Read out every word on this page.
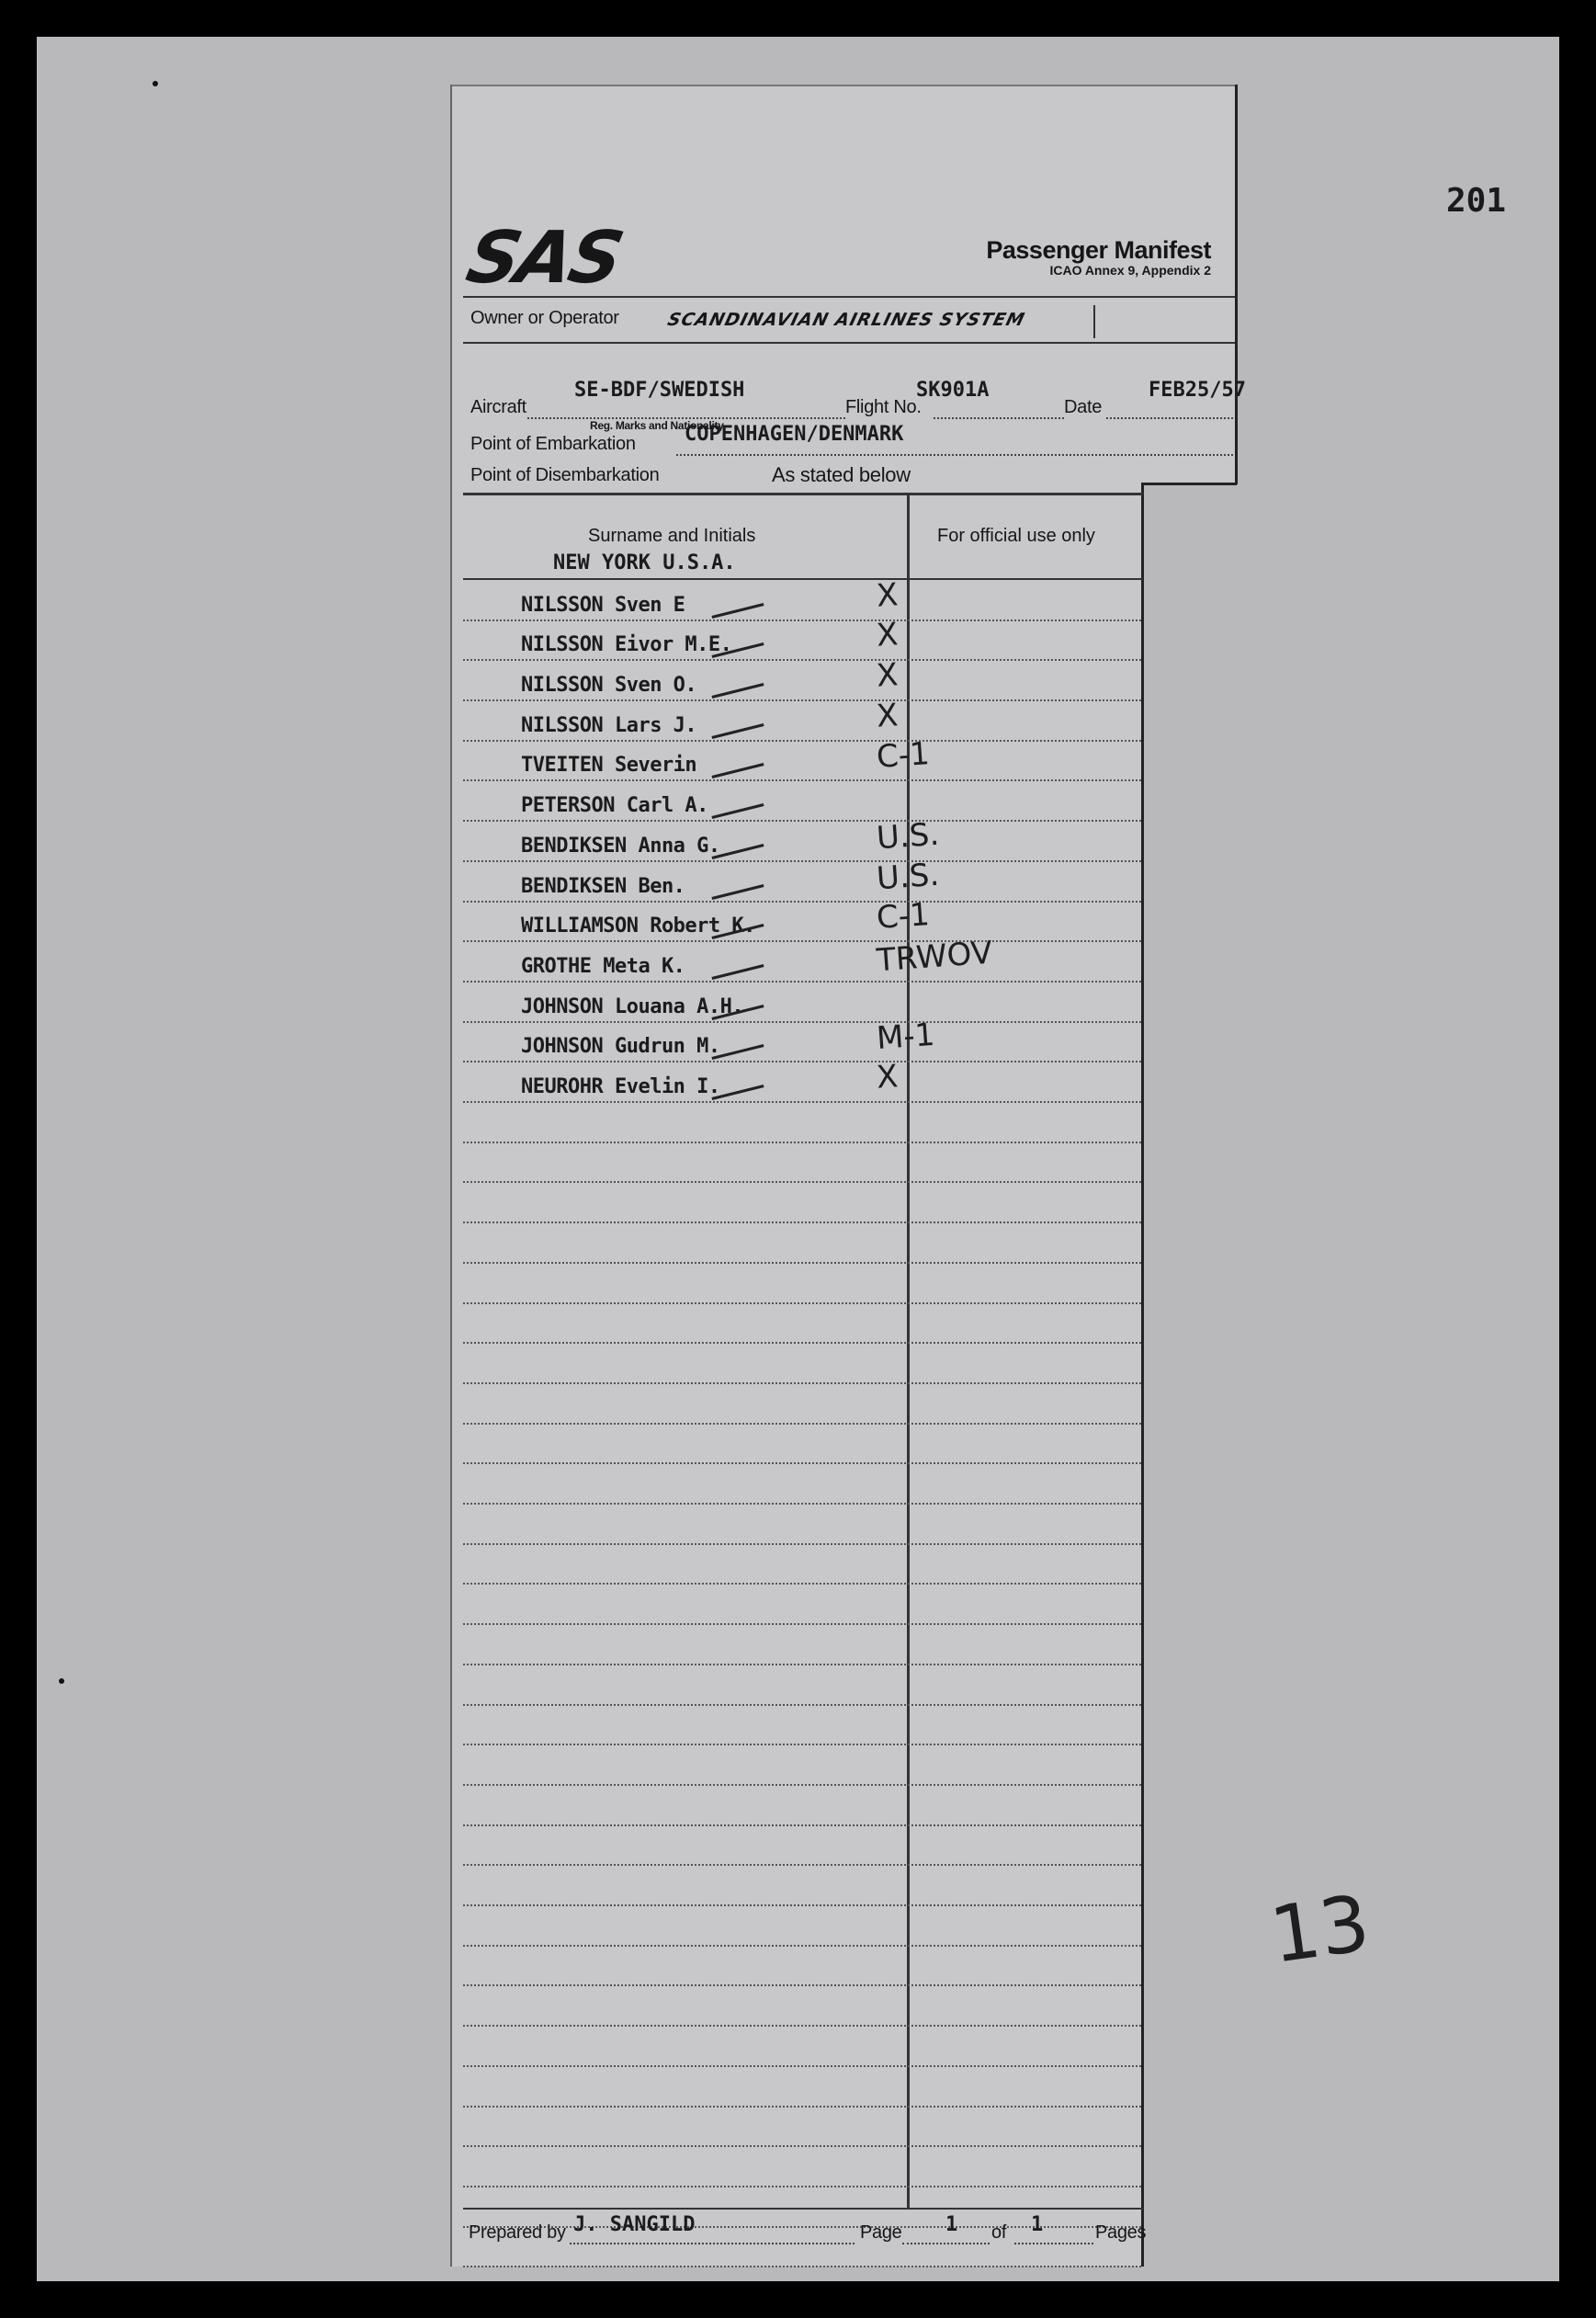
201
13
SAS	Passenger Manifest
ICAO Annex 9, Appendix 2
Owner or Operator	SCANDINAVIAN AIRLINES SYSTEM
SE-BDF/SWEDISH	SK901A	FEB25/57
Aircraft	Flight No.	Date
Reg. Marks and Nationality
Point of Embarkation COPENHAGEN/DENMARK
Point of Disembarkation	As stated below
Surname and Initials	For official use only
NEW YORK U.S.A.
NILSSON Sven E	X
NILSSON Eivor M.E.	X
NILSSON Sven O.	X
NILSSON Lars J.	X
TVEITEN Severin	C-1
PETERSON Carl A.
BENDIKSEN Anna G.	U.S.
BENDIKSEN Ben.	U.S.
WILLIAMSON Robert K.	C-1
GROTHE Meta K.	TRWOV
JOHNSON Louana A.H.
JOHNSON Gudrun M.	M-1
NEUROHR Evelin I.	X
Prepared by J. SANGILD	Page 1 of 1	Pages
